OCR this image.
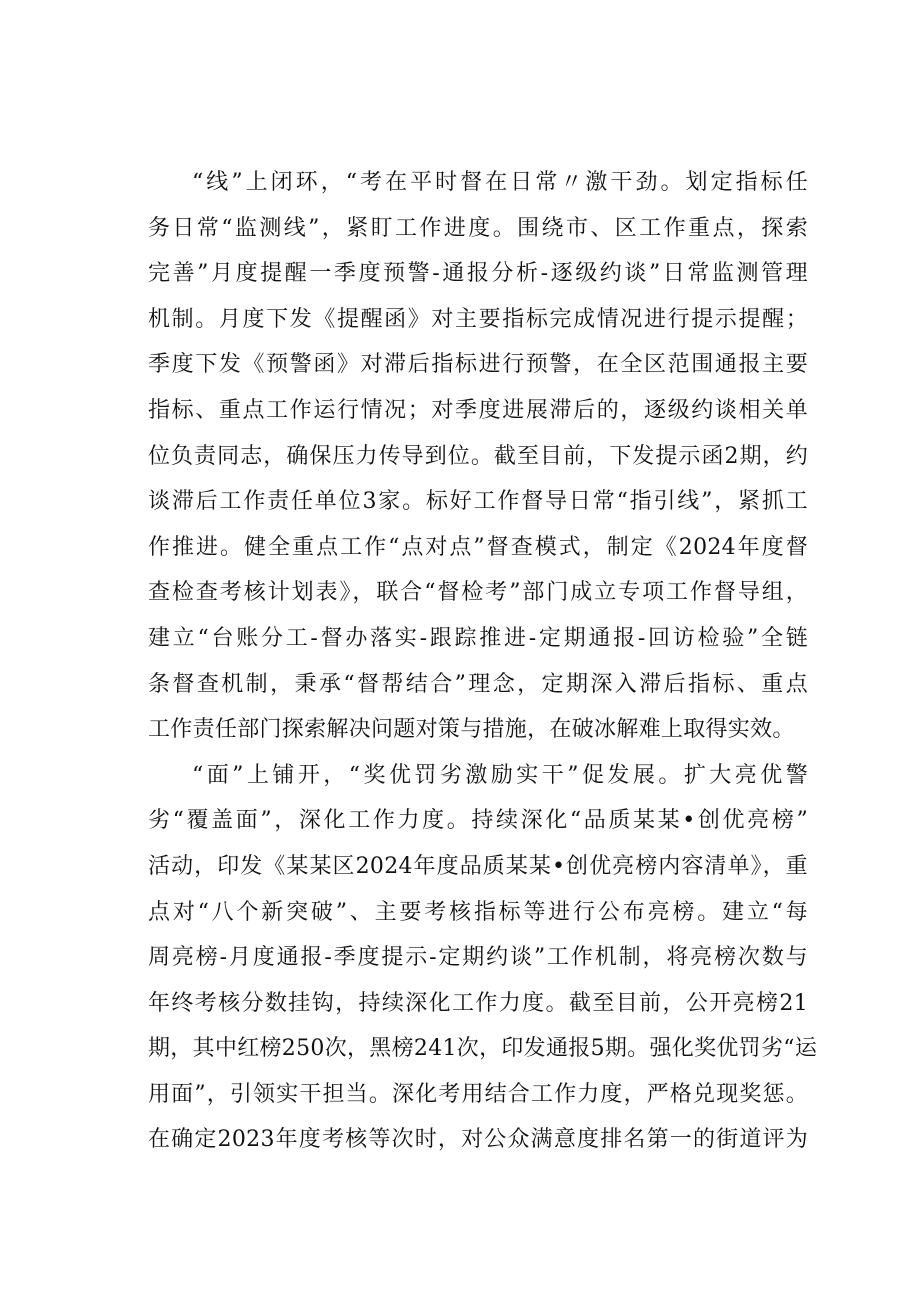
“线”上闭环，“考在平时督在日常〃激干劲。划定指标任
务日常“监测线”，紧盯工作进度。围绕市、区工作重点，探索
完善”月度提醒一季度预警-通报分析-逐级约谈”日常监测管理
机制。月度下发《提醒函》对主要指标完成情况进行提示提醒；
季度下发《预警函》对滞后指标进行预警，在全区范围通报主要
指标、重点工作运行情况；对季度进展滞后的，逐级约谈相关单
位负责同志，确保压力传导到位。截至目前，下发提示函2期，约
谈滞后工作责任单位3家。标好工作督导日常“指引线”，紧抓工
作推进。健全重点工作“点对点”督查模式，制定《2024年度督
查检查考核计划表》，联合“督检考”部门成立专项工作督导组，
建立“台账分工-督办落实-跟踪推进-定期通报-回访检验”全链
条督查机制，秉承“督帮结合”理念，定期深入滞后指标、重点
工作责任部门探索解决问题对策与措施，在破冰解难上取得实效。
“面”上铺开，“奖优罚劣激励实干”促发展。扩大亮优警
劣“覆盖面”，深化工作力度。持续深化“品质某某•创优亮榜”
活动，印发《某某区2024年度品质某某•创优亮榜内容清单》，重
点对“八个新突破”、主要考核指标等进行公布亮榜。建立“每
周亮榜-月度通报-季度提示-定期约谈”工作机制，将亮榜次数与
年终考核分数挂钩，持续深化工作力度。截至目前，公开亮榜21
期，其中红榜250次，黑榜241次，印发通报5期。强化奖优罚劣“运
用面”，引领实干担当。深化考用结合工作力度，严格兑现奖惩。
在确定2023年度考核等次时，对公众满意度排名第一的街道评为
